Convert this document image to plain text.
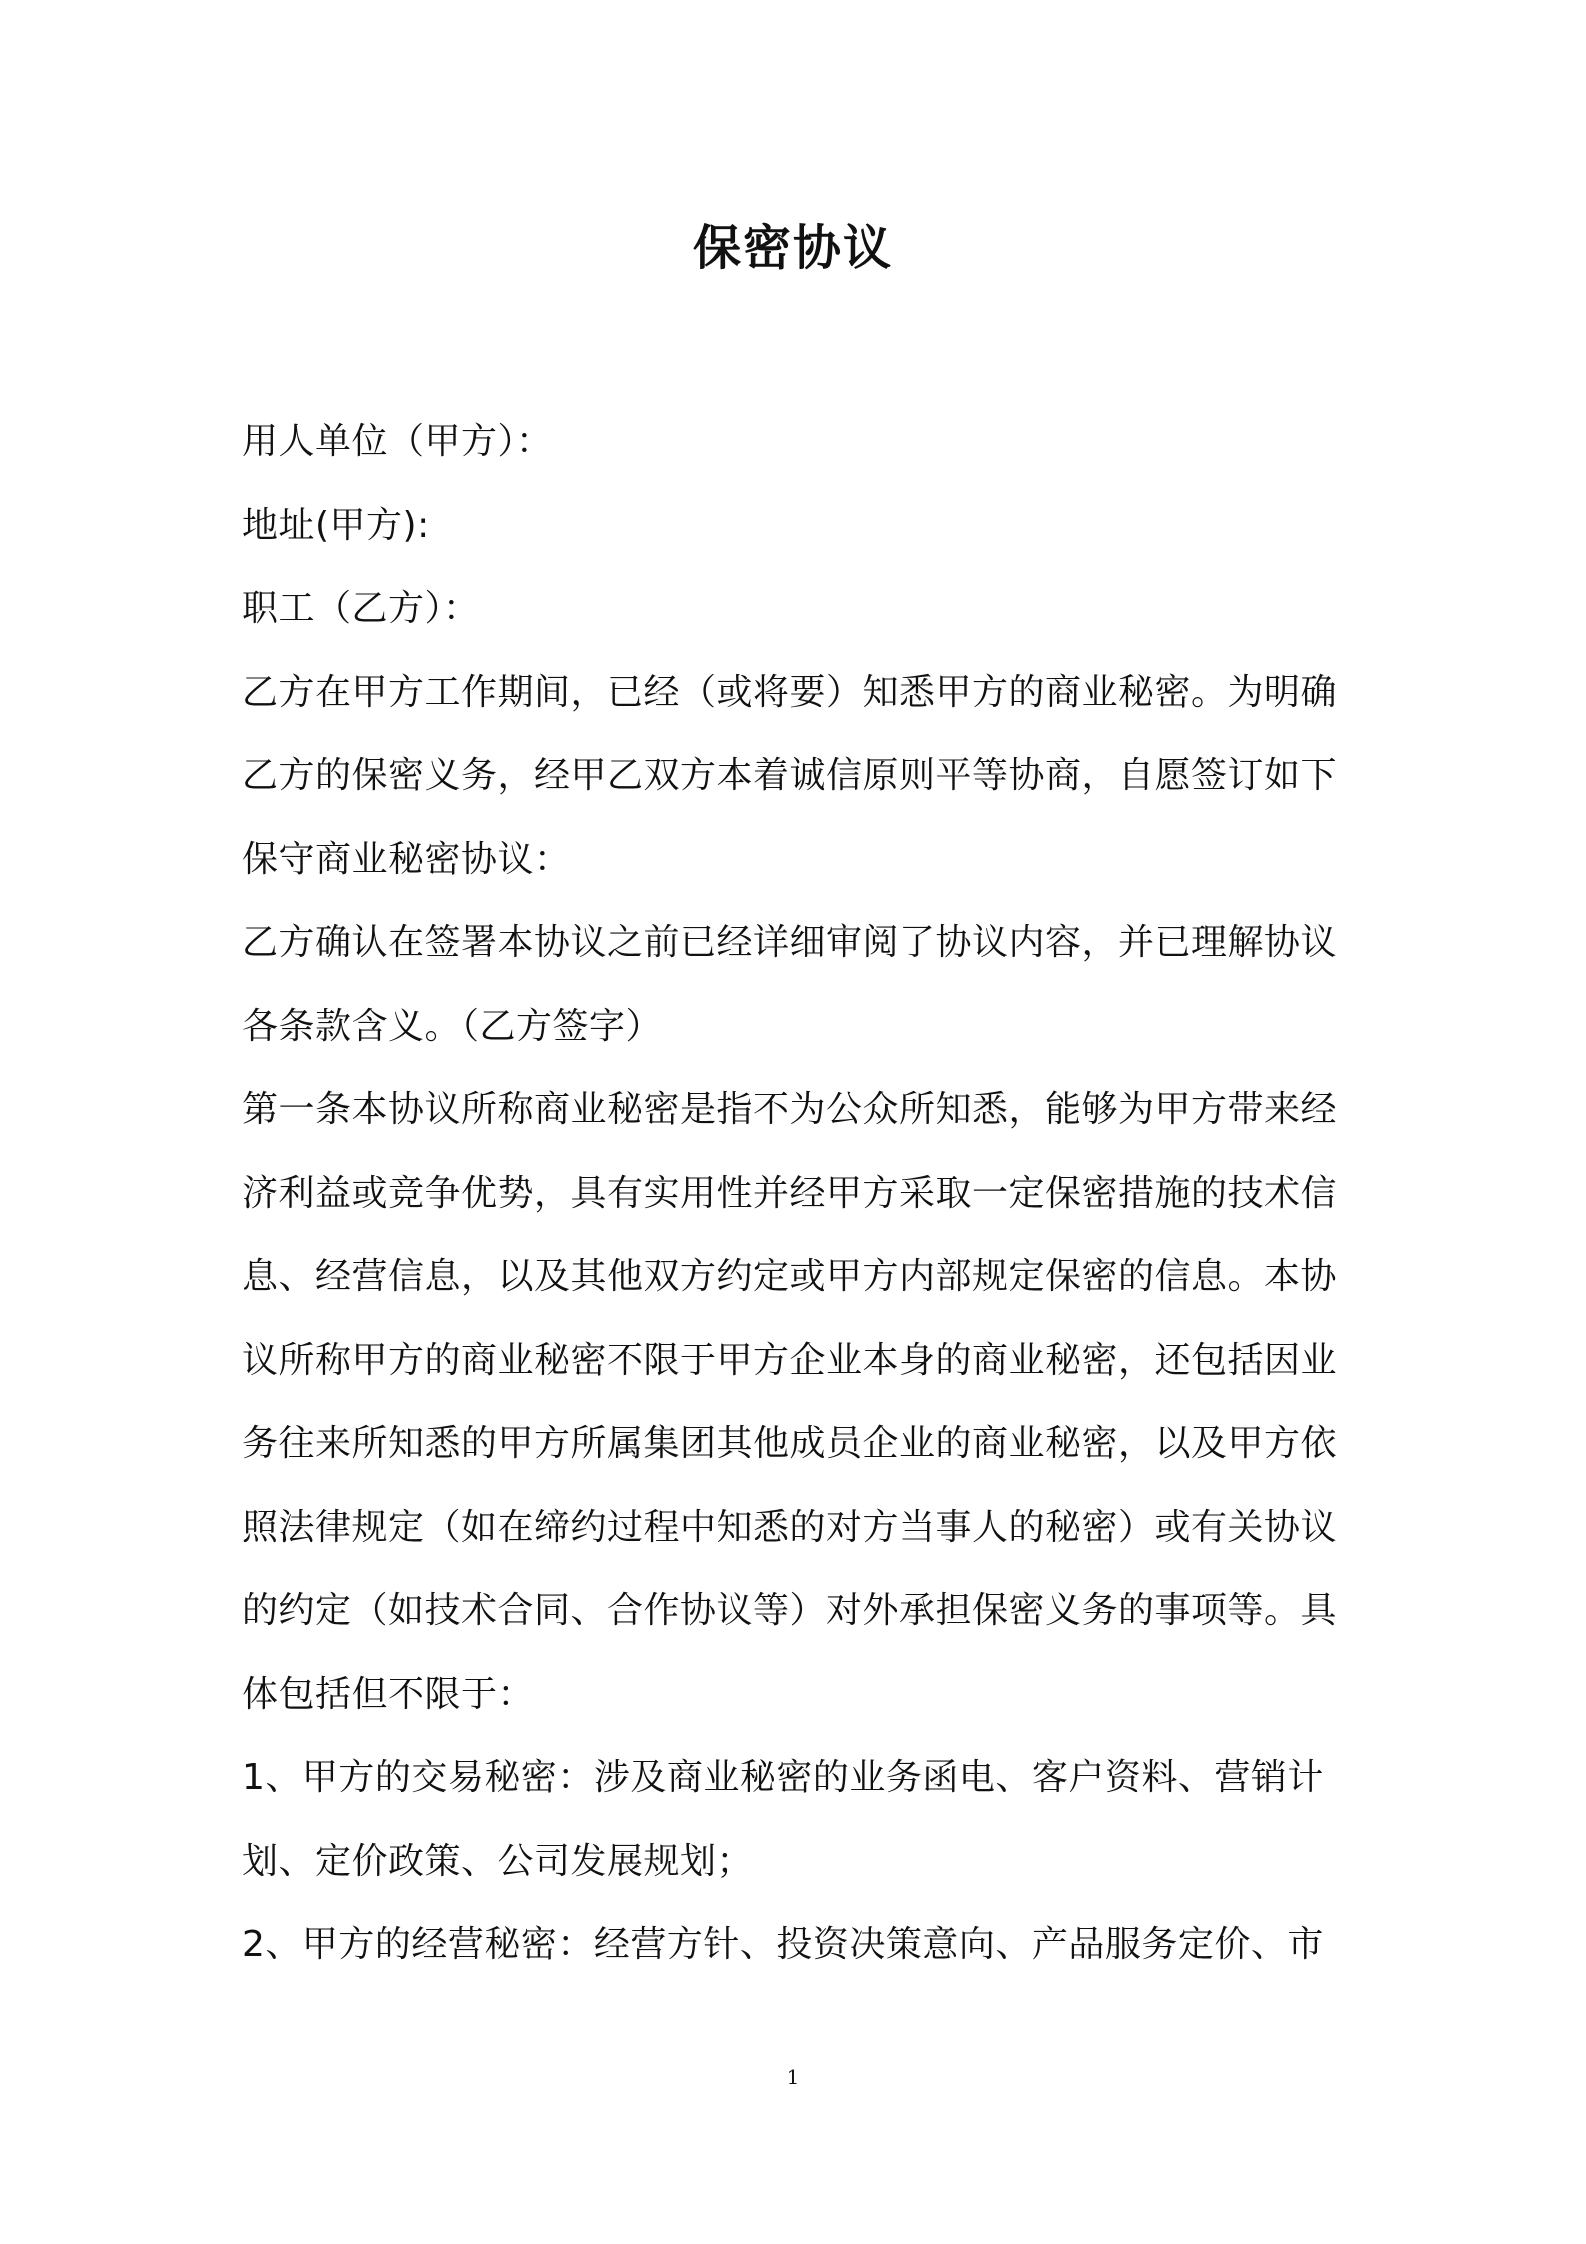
保密协议
用人单位（甲方）：
地址(甲方):
职工（乙方）：
乙方在甲方工作期间，已经（或将要）知悉甲方的商业秘密。为明确
乙方的保密义务，经甲乙双方本着诚信原则平等协商，自愿签订如下
保守商业秘密协议：
乙方确认在签署本协议之前已经详细审阅了协议内容，并已理解协议
各条款含义。（乙方签字）
第一条本协议所称商业秘密是指不为公众所知悉，能够为甲方带来经
济利益或竞争优势，具有实用性并经甲方采取一定保密措施的技术信
息、经营信息，以及其他双方约定或甲方内部规定保密的信息。本协
议所称甲方的商业秘密不限于甲方企业本身的商业秘密，还包括因业
务往来所知悉的甲方所属集团其他成员企业的商业秘密，以及甲方依
照法律规定（如在缔约过程中知悉的对方当事人的秘密）或有关协议
的约定（如技术合同、合作协议等）对外承担保密义务的事项等。具
体包括但不限于：
1、甲方的交易秘密：涉及商业秘密的业务函电、客户资料、营销计
划、定价政策、公司发展规划；
2、甲方的经营秘密：经营方针、投资决策意向、产品服务定价、市
1
